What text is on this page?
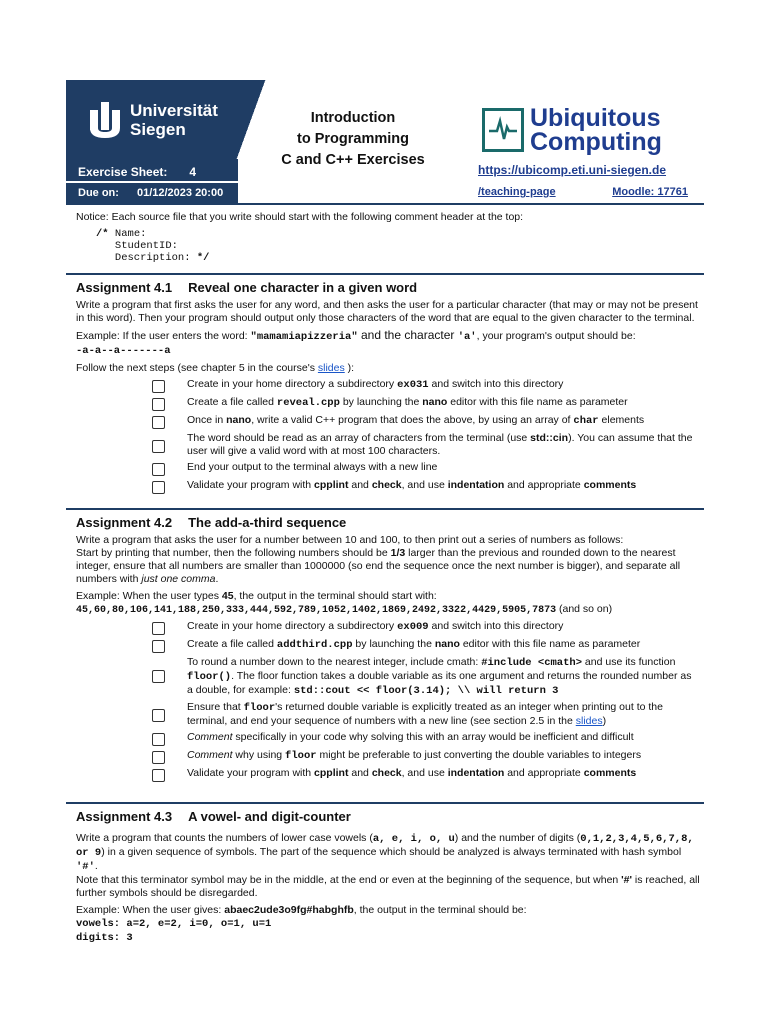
Universität
Siegen
Introduction
to Programming
C and C++ Exercises
Ubiquitous
Computing
Exercise Sheet: 4
Due on: 01/12/2023 20:00
https://ubicomp.eti.uni-siegen.de
/teaching-page	Moodle: 17761
Notice: Each source file that you write should start with the following comment header at the top:
/* Name:
StudentID:
Description: */
Assignment 4.1 Reveal one character in a given word
Write a program that first asks the user for any word, and then asks the user for a particular character (that may or may not be present in this word). Then your program should output only those characters of the word that are equal to the given character to the terminal.
Example: If the user enters the word: "mamamiapizzeria" and the character 'a', your program's output should be:
-a-a--a-------a
Follow the next steps (see chapter 5 in the course's slides ):
Create in your home directory a subdirectory ex031 and switch into this directory
Create a file called reveal.cpp by launching the nano editor with this file name as parameter
Once in nano, write a valid C++ program that does the above, by using an array of char elements
The word should be read as an array of characters from the terminal (use std::cin). You can assume that the user will give a valid word with at most 100 characters.
End your output to the terminal always with a new line
Validate your program with cpplint and check, and use indentation and appropriate comments
Assignment 4.2 The add-a-third sequence
Write a program that asks the user for a number between 10 and 100, to then print out a series of numbers as follows:
Start by printing that number, then the following numbers should be 1/3 larger than the previous and rounded down to the nearest integer, ensure that all numbers are smaller than 1000000 (so end the sequence once the next number is bigger), and separate all numbers with just one comma.
Example: When the user types 45, the output in the terminal should start with:
45,60,80,106,141,188,250,333,444,592,789,1052,1402,1869,2492,3322,4429,5905,7873 (and so on)
Create in your home directory a subdirectory ex009 and switch into this directory
Create a file called addthird.cpp by launching the nano editor with this file name as parameter
To round a number down to the nearest integer, include cmath: #include <cmath> and use its function floor(). The floor function takes a double variable as its one argument and returns the rounded number as a double, for example: std::cout << floor(3.14); \\ will return 3
Ensure that floor's returned double variable is explicitly treated as an integer when printing out to the terminal, and end your sequence of numbers with a new line (see section 2.5 in the slides)
Comment specifically in your code why solving this with an array would be inefficient and difficult
Comment why using floor might be preferable to just converting the double variables to integers
Validate your program with cpplint and check, and use indentation and appropriate comments
Assignment 4.3 A vowel- and digit-counter
Write a program that counts the numbers of lower case vowels (a, e, i, o, u) and the number of digits (0,1,2,3,4,5,6,7,8, or 9) in a given sequence of symbols. The part of the sequence which should be analyzed is always terminated with hash symbol '#'.
Note that this terminator symbol may be in the middle, at the end or even at the beginning of the sequence, but when '#' is reached, all further symbols should be disregarded.
Example: When the user gives: abaec2ude3o9fg#habghfb, the output in the terminal should be:
vowels: a=2, e=2, i=0, o=1, u=1
digits: 3
